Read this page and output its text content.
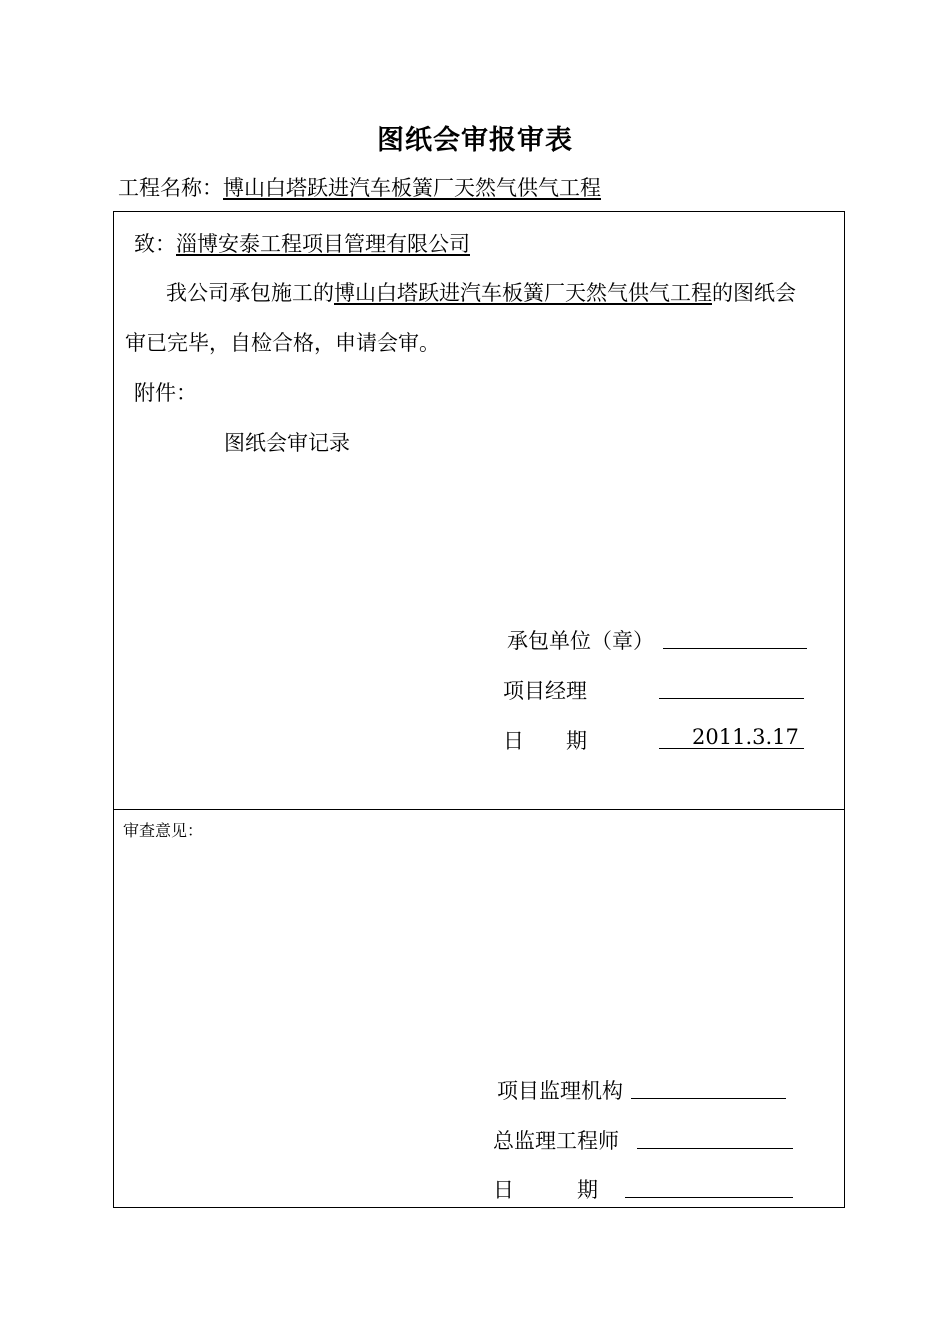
图纸会审报审表
工程名称：博山白塔跃进汽车板簧厂天然气供气工程
致：淄博安泰工程项目管理有限公司
我公司承包施工的博山白塔跃进汽车板簧厂天然气供气工程的图纸会
审已完毕，自检合格，申请会审。
附件：
图纸会审记录
承包单位（章）
项目经理
日　　期	2011.3.17
审查意见：
项目监理机构
总监理工程师
日　　　期
